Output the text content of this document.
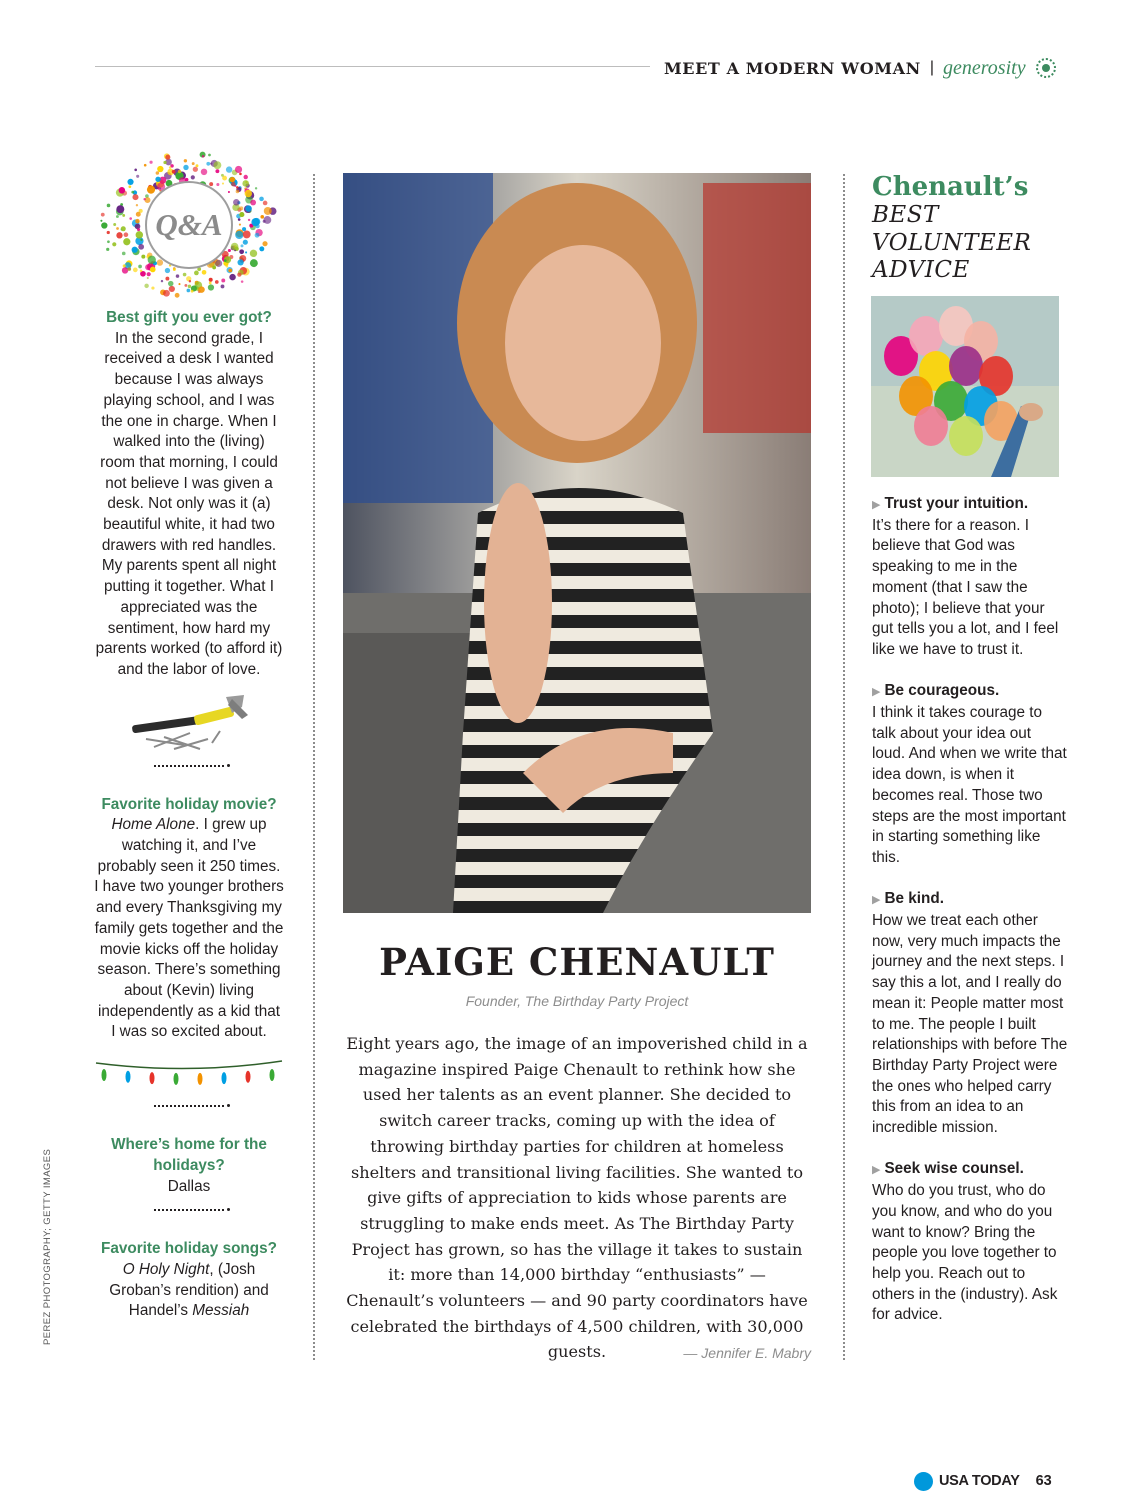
MEET A MODERN WOMAN | generosity
Q&A
Best gift you ever got?
In the second grade, I received a desk I wanted because I was always playing school, and I was the one in charge. When I walked into the (living) room that morning, I could not believe I was given a desk. Not only was it (a) beautiful white, it had two drawers with red handles. My parents spent all night putting it together. What I appreciated was the sentiment, how hard my parents worked (to afford it) and the labor of love.
Favorite holiday movie?
Home Alone. I grew up watching it, and I’ve probably seen it 250 times. I have two younger brothers and every Thanksgiving my family gets together and the movie kicks off the holiday season. There’s something about (Kevin) living independently as a kid that I was so excited about.
Where’s home for the holidays?
Dallas
Favorite holiday songs?
O Holy Night, (Josh Groban’s rendition) and Handel’s Messiah
PAIGE CHENAULT
Founder, The Birthday Party Project
Eight years ago, the image of an impoverished child in a magazine inspired Paige Chenault to rethink how she used her talents as an event planner. She decided to switch career tracks, coming up with the idea of throwing birthday parties for children at homeless shelters and transitional living facilities. She wanted to give gifts of appreciation to kids whose parents are struggling to make ends meet. As The Birthday Party Project has grown, so has the village it takes to sustain it: more than 14,000 birthday “enthusiasts” — Chenault’s volunteers — and 90 party coordinators have celebrated the birthdays of 4,500 children, with 30,000 guests.	— Jennifer E. Mabry
Chenault’s
BEST VOLUNTEER ADVICE
▶ Trust your intuition.
It’s there for a reason. I believe that God was speaking to me in the moment (that I saw the photo); I believe that your gut tells you a lot, and I feel like we have to trust it.
▶ Be courageous.
I think it takes courage to talk about your idea out loud. And when we write that idea down, is when it becomes real. Those two steps are the most important in starting something like this.
▶ Be kind.
How we treat each other now, very much impacts the journey and the next steps. I say this a lot, and I really do mean it: People matter most to me. The people I built relationships with before The Birthday Party Project were the ones who helped carry this from an idea to an incredible mission.
▶ Seek wise counsel.
Who do you trust, who do you know, and who do you want to know? Bring the people you love together to help you. Reach out to others in the (industry). Ask for advice.
PEREZ PHOTOGRAPHY; GETTY IMAGES
USA TODAY 63
